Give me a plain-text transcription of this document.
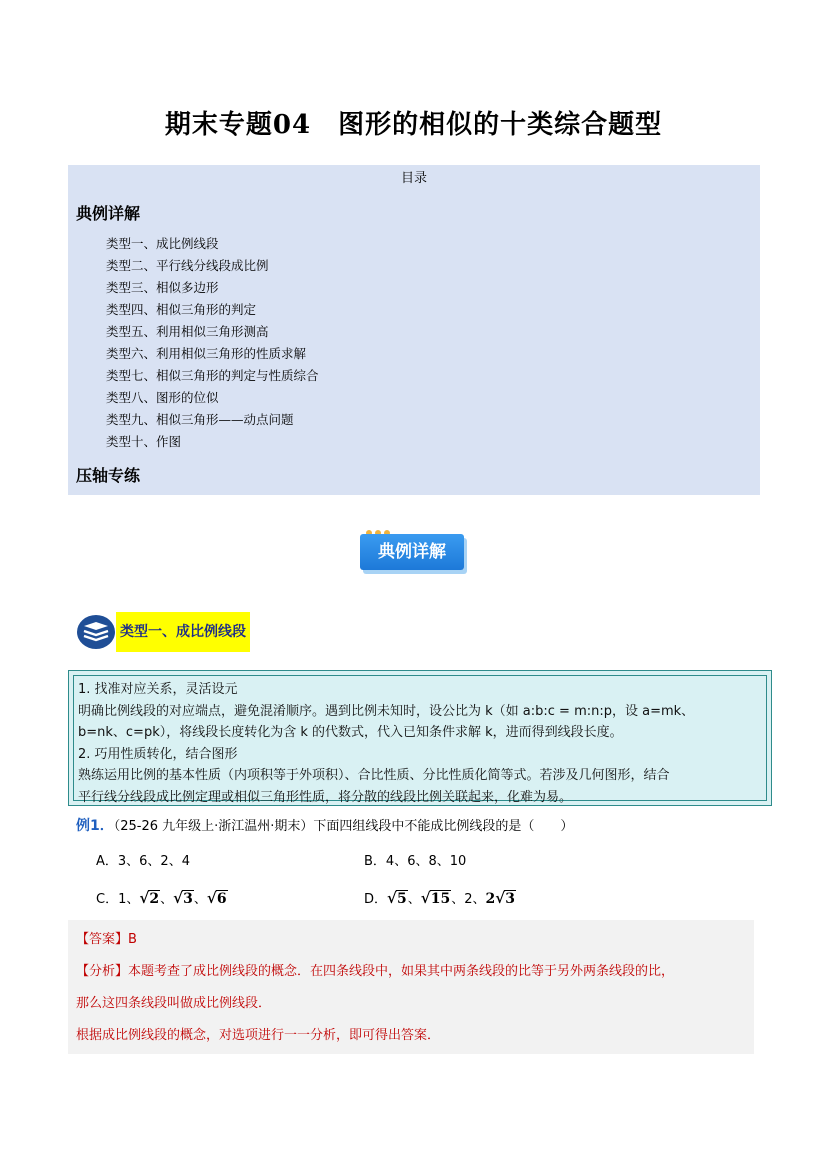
期末专题04　图形的相似的十类综合题型
目录
典例详解
类型一、成比例线段
类型二、平行线分线段成比例
类型三、相似多边形
类型四、相似三角形的判定
类型五、利用相似三角形测高
类型六、利用相似三角形的性质求解
类型七、相似三角形的判定与性质综合
类型八、图形的位似
类型九、相似三角形——动点问题
类型十、作图
压轴专练
典例详解
类型一、成比例线段

1. 找准对应关系，灵活设元

明确比例线段的对应端点，避免混淆顺序。遇到比例未知时，设公比为 k（如 a:b:c = m:n:p，设 a=mk、

b=nk、c=pk），将线段长度转化为含 k 的代数式，代入已知条件求解 k，进而得到线段长度。

2. 巧用性质转化，结合图形

熟练运用比例的基本性质（内项积等于外项积）、合比性质、分比性质化简等式。若涉及几何图形，结合

平行线分线段成比例定理或相似三角形性质，将分散的线段比例关联起来，化难为易。

例1．（25-26 九年级上·浙江温州·期末）下面四组线段中不能成比例线段的是（　　）
A．3、6、2、4	B．4、6、8、10
C．1、 √ 2、 √ 3、 √ 6	D． √ 5、 √ 15、2、2 √ 3

【答案】B

【分析】本题考查了成比例线段的概念．在四条线段中，如果其中两条线段的比等于另外两条线段的比，

那么这四条线段叫做成比例线段．

根据成比例线段的概念，对选项进行一一分析，即可得出答案．
